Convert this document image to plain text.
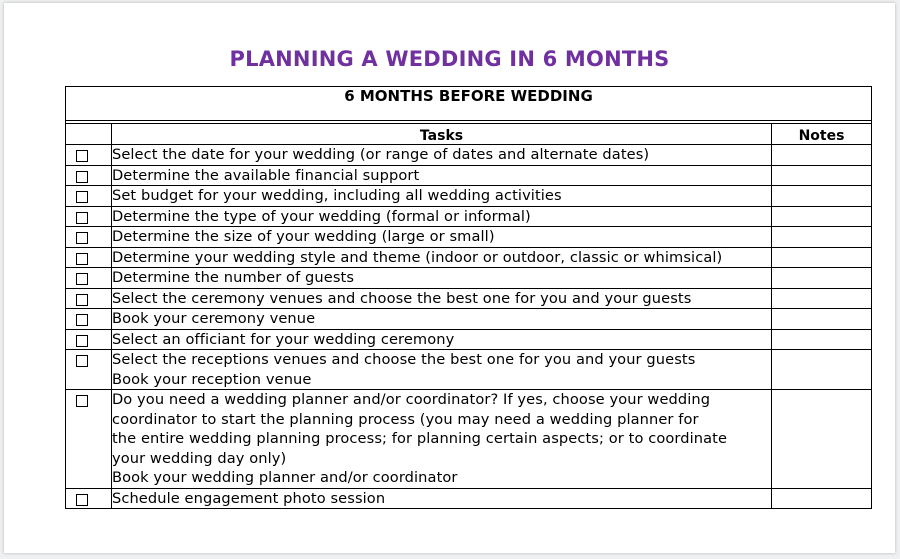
PLANNING A WEDDING IN 6 MONTHS
6 MONTHS BEFORE WEDDING		

	Tasks	Notes

	Select the date for your wedding (or range of dates and alternate dates)	

	Determine the available financial support	

	Set budget for your wedding, including all wedding activities	

	Determine the type of your wedding (formal or informal)	

	Determine the size of your wedding (large or small)	

	Determine your wedding style and theme (indoor or outdoor, classic or whimsical)	

	Determine the number of guests	

	Select the ceremony venues and choose the best one for you and your guests	

	Book your ceremony venue	

	Select an officiant for your wedding ceremony	

	Select the receptions venues and choose the best one for you and your guests
Book your reception venue	

	Do you need a wedding planner and/or coordinator? If yes, choose your wedding
coordinator to start the planning process (you may need a wedding planner for
the entire wedding planning process; for planning certain aspects; or to coordinate
your wedding day only)
Book your wedding planner and/or coordinator	

	Schedule engagement photo session	
